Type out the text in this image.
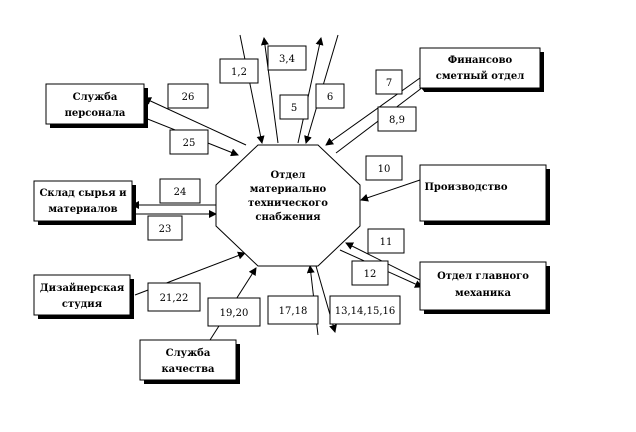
Отдел
материально
технического
снабжения
Служба
персонала
Финансово
сметный отдел
Склад сырья и
материалов
Производство
Дизайнерская
студия
Отдел главного
механика
Служба
качества
1,2
3,4
5
6
7
8,9
10
11
12
13,14,15,16
17,18
19,20
21,22
23
24
25
26
